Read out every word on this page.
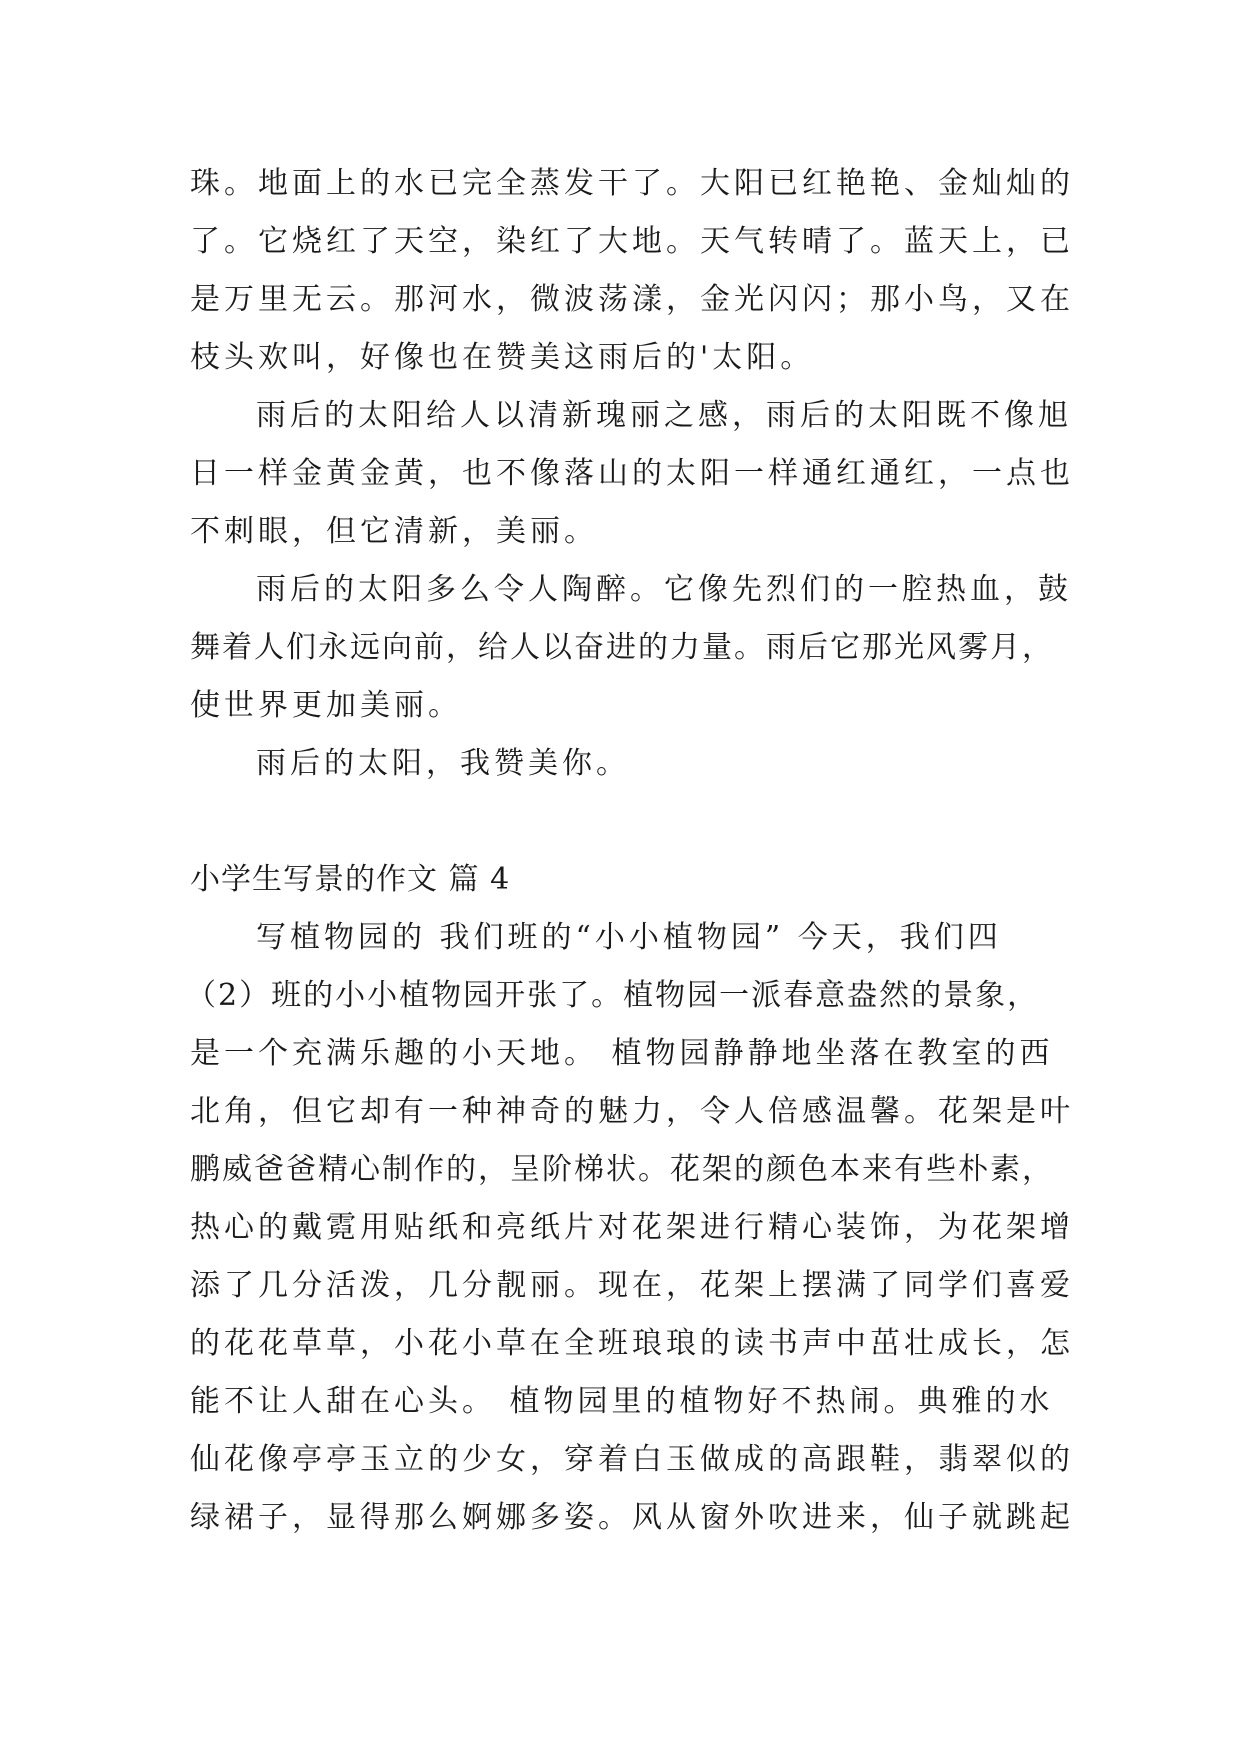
珠。地面上的水已完全蒸发干了。大阳已红艳艳、金灿灿的
了。它烧红了天空，染红了大地。天气转晴了。蓝天上，已
是万里无云。那河水，微波荡漾，金光闪闪；那小鸟，又在
枝头欢叫，好像也在赞美这雨后的'太阳。
雨后的太阳给人以清新瑰丽之感，雨后的太阳既不像旭
日一样金黄金黄，也不像落山的太阳一样通红通红，一点也
不刺眼，但它清新，美丽。
雨后的太阳多么令人陶醉。它像先烈们的一腔热血，鼓
舞着人们永远向前，给人以奋进的力量。雨后它那光风雾月，
使世界更加美丽。
雨后的太阳，我赞美你。
小学生写景的作文 篇 4
写植物园的 我们班的“小小植物园” 今天，我们四
（2）班的小小植物园开张了。植物园一派春意盎然的景象，
是一个充满乐趣的小天地。 植物园静静地坐落在教室的西
北角，但它却有一种神奇的魅力，令人倍感温馨。花架是叶
鹏威爸爸精心制作的，呈阶梯状。花架的颜色本来有些朴素，
热心的戴霓用贴纸和亮纸片对花架进行精心装饰，为花架增
添了几分活泼，几分靓丽。现在，花架上摆满了同学们喜爱
的花花草草，小花小草在全班琅琅的读书声中茁壮成长，怎
能不让人甜在心头。 植物园里的植物好不热闹。典雅的水
仙花像亭亭玉立的少女，穿着白玉做成的高跟鞋，翡翠似的
绿裙子，显得那么婀娜多姿。风从窗外吹进来，仙子就跳起
